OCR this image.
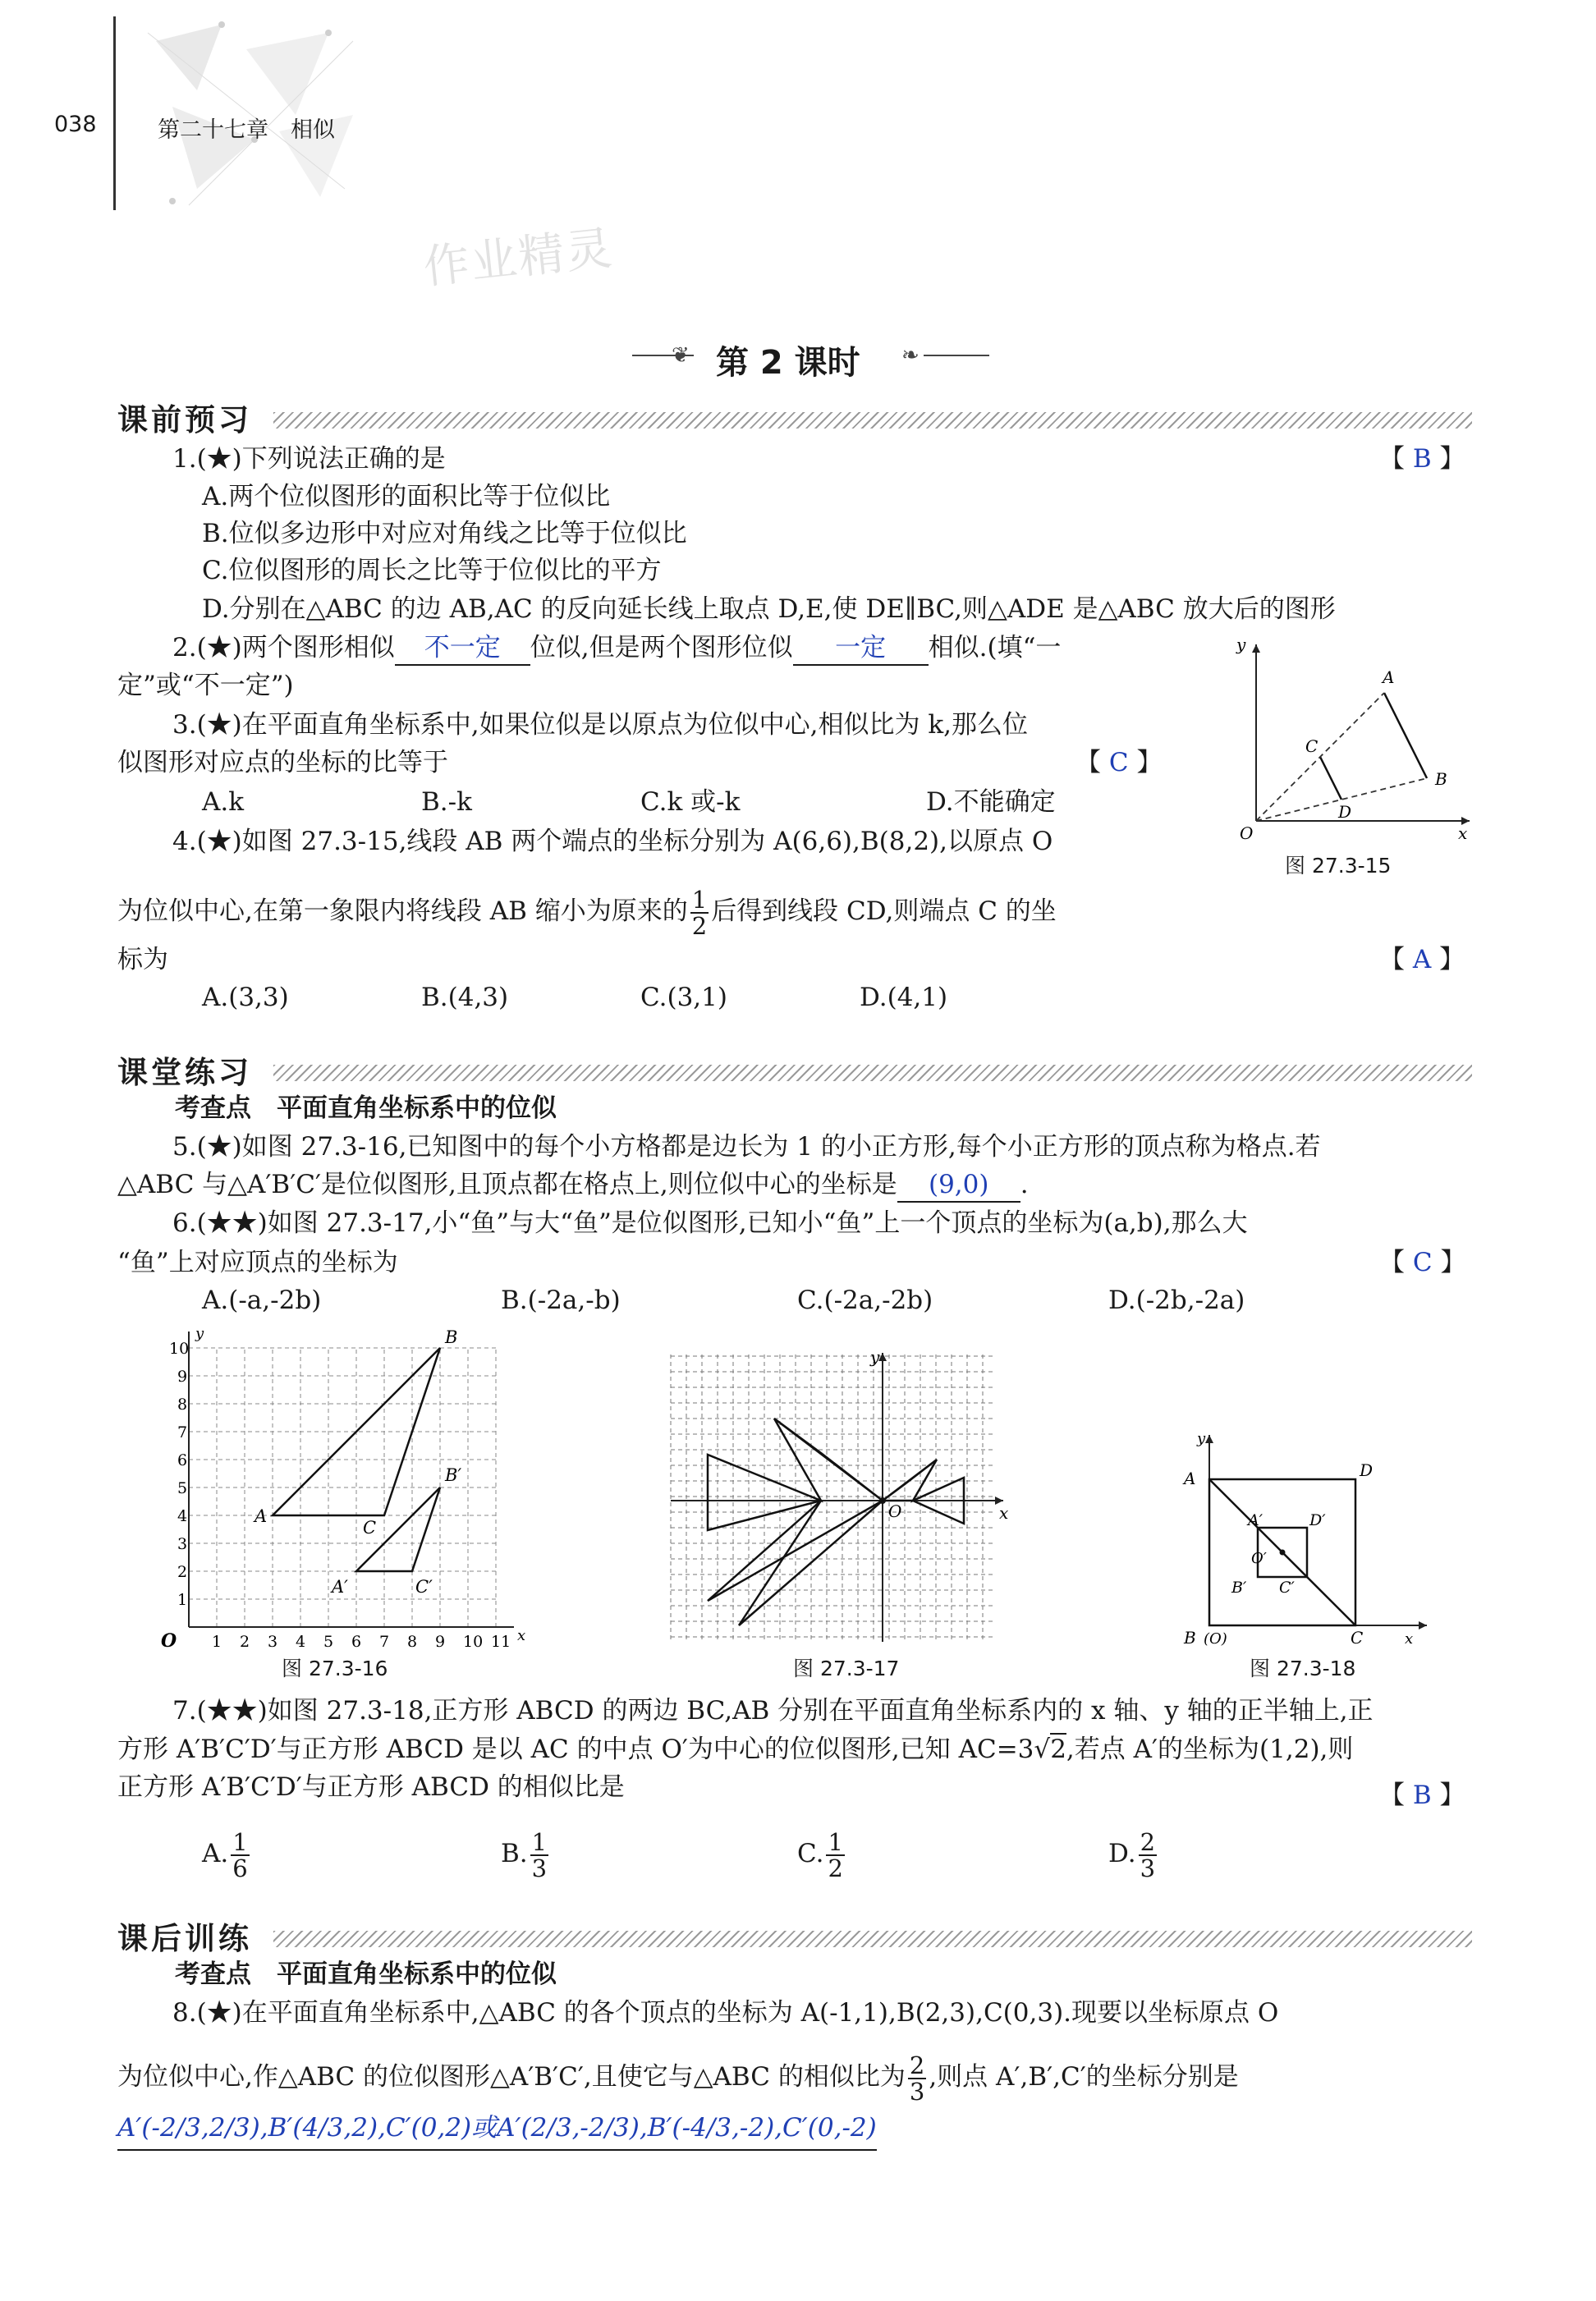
038	第二十七章　相似
作业精灵
❦ 第 2 课时 ❧
课前预习
1.(★)下列说法正确的是	【 B 】
A.两个位似图形的面积比等于位似比
B.位似多边形中对应对角线之比等于位似比
C.位似图形的周长之比等于位似比的平方
D.分别在△ABC 的边 AB,AC 的反向延长线上取点 D,E,使 DE∥BC,则△ADE 是△ABC 放大后的图形
2.(★)两个图形相似 不一定 位似,但是两个图形位似 一定 相似.(填“一
定”或“不一定”)
3.(★)在平面直角坐标系中,如果位似是以原点为位似中心,相似比为 k,那么位
似图形对应点的坐标的比等于	【 C 】
A.k	B.-k	C.k 或-k	D.不能确定
4.(★)如图 27.3-15,线段 AB 两个端点的坐标分别为 A(6,6),B(8,2),以原点 O
为位似中心,在第一象限内将线段 AB 缩小为原来的 $\frac{1}{2}$ 后得到线段 CD,则端点 C 的坐
标为	【 A 】
A.(3,3)	B.(4,3)	C.(3,1)	D.(4,1)
A
B
C
D
y
x
O
图 27.3-15
课堂练习
考查点　平面直角坐标系中的位似
5.(★)如图 27.3-16,已知图中的每个小方格都是边长为 1 的小正方形,每个小正方形的顶点称为格点.若
△ABC 与△A′B′C′是位似图形,且顶点都在格点上,则位似中心的坐标是 (9,0) .
6.(★★)如图 27.3-17,小“鱼”与大“鱼”是位似图形,已知小“鱼”上一个顶点的坐标为(a,b),那么大
“鱼”上对应顶点的坐标为	【 C 】
A.(-a,-2b)	B.(-2a,-b)	C.(-2a,-2b)	D.(-2b,-2a)
1 2 3 4 5 6 7 8 9 10 11
1
2
3
4
5
6
7
8
9
10
A
B
C
A′
B′
C′
O	x
y
图 27.3-16
y
x
O
图 27.3-17
y
x
A
B	C
D
A′
B′ C′
D′
O′
(O)
图 27.3-18
7.(★★)如图 27.3-18,正方形 ABCD 的两边 BC,AB 分别在平面直角坐标系内的 x 轴、y 轴的正半轴上,正
方形 A′B′C′D′与正方形 ABCD 是以 AC 的中点 O′为中心的位似图形,已知 AC=3√2,若点 A′的坐标为(1,2),则
正方形 A′B′C′D′与正方形 ABCD 的相似比是	【 B 】
A. $\frac{1}{6}$	B. $\frac{1}{3}$	C. $\frac{1}{2}$	D. $\frac{2}{3}$
课后训练
考查点　平面直角坐标系中的位似
8.(★)在平面直角坐标系中,△ABC 的各个顶点的坐标为 A(-1,1),B(2,3),C(0,3).现要以坐标原点 O
为位似中心,作△ABC 的位似图形△A′B′C′,且使它与△ABC 的相似比为 $\frac{2}{3}$ ,则点 A′,B′,C′的坐标分别是
A′(-2/3,2/3),B′(4/3,2),C′(0,2)或A′(2/3,-2/3),B′(-4/3,-2),C′(0,-2)
